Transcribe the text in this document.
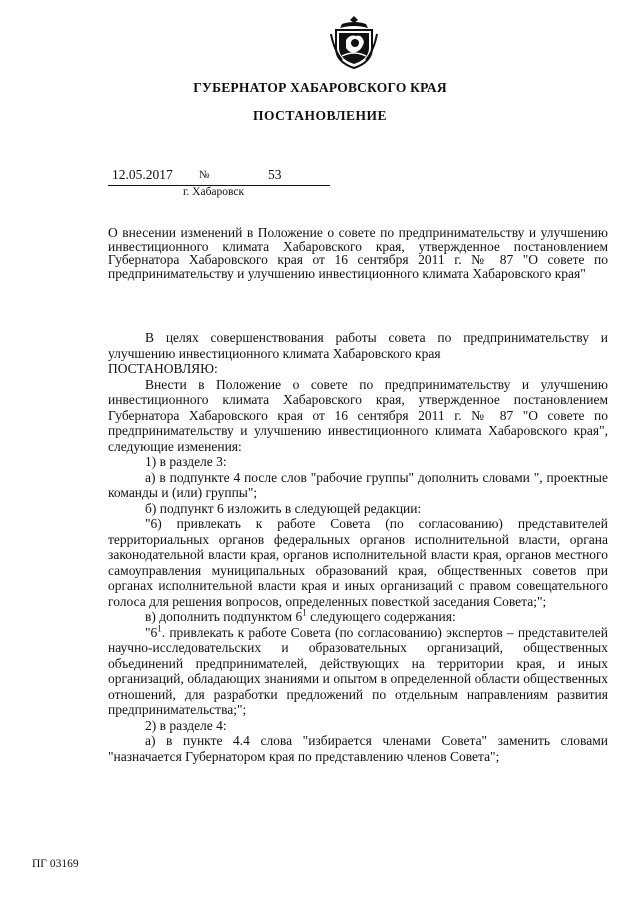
ГУБЕРНАТОР ХАБАРОВСКОГО КРАЯ
ПОСТАНОВЛЕНИЕ
12.05.2017 №	53
г. Хабаровск
О внесении изменений в Положение о совете по предпринимательству и улучшению инвестиционного климата Хабаровского края, утвержденное постановлением Губернатора Хабаровского края от 16 сентября 2011 г. № 87 "О совете по предпринимательству и улучшению инвестиционного климата Хабаровского края"

В целях совершенствования работы совета по предпринимательству и улучшению инвестиционного климата Хабаровского края

ПОСТАНОВЛЯЮ:

Внести в Положение о совете по предпринимательству и улучшению инвестиционного климата Хабаровского края, утвержденное постановлением Губернатора Хабаровского края от 16 сентября 2011 г. № 87 "О совете по предпринимательству и улучшению инвестиционного климата Хабаровского края", следующие изменения:

1) в разделе 3:

а) в подпункте 4 после слов "рабочие группы" дополнить словами ", проектные команды и (или) группы";

б) подпункт 6 изложить в следующей редакции:

"6) привлекать к работе Совета (по согласованию) представителей территориальных органов федеральных органов исполнительной власти, органа законодательной власти края, органов исполнительной власти края, органов местного самоуправления муниципальных образований края, общественных советов при органах исполнительной власти края и иных организаций с правом совещательного голоса для решения вопросов, определенных повесткой заседания Совета;";

в) дополнить подпунктом $6^1$ следующего содержания:

"$6^1$. привлекать к работе Совета (по согласованию) экспертов – представителей научно-исследовательских и образовательных организаций, общественных объединений предпринимателей, действующих на территории края, и иных организаций, обладающих знаниями и опытом в определенной области общественных отношений, для разработки предложений по отдельным направлениям развития предпринимательства;";

2) в разделе 4:

а) в пункте 4.4 слова "избирается членами Совета" заменить словами "назначается Губернатором края по представлению членов Совета";

ПГ 03169
